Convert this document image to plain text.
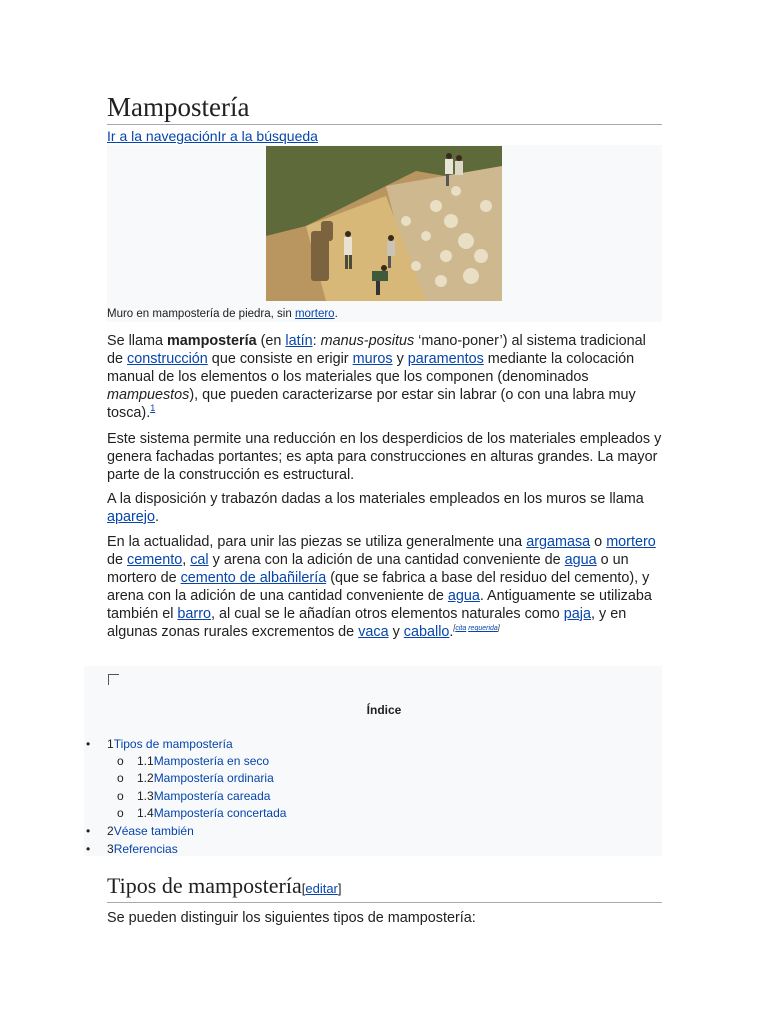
Mampostería
Ir a la navegaciónIr a la búsqueda
Muro en mampostería de piedra, sin mortero.

Se llama mampostería (en latín: manus-positus ‘mano-poner’) al sistema tradicional de construcción que consiste en erigir muros y paramentos mediante la colocación manual de los elementos o los materiales que los componen (denominados mampuestos), que pueden caracterizarse por estar sin labrar (o con una labra muy tosca).$^1$

Este sistema permite una reducción en los desperdicios de los materiales empleados y genera fachadas portantes; es apta para construcciones en alturas grandes. La mayor parte de la construcción es estructural.

A la disposición y trabazón dadas a los materiales empleados en los muros se llama aparejo.

En la actualidad, para unir las piezas se utiliza generalmente una argamasa o mortero de cemento, cal y arena con la adición de una cantidad conveniente de agua o un mortero de cemento de albañilería (que se fabrica a base del residuo del cemento), y arena con la adición de una cantidad conveniente de agua. Antiguamente se utilizaba también el barro, al cual se le añadían otros elementos naturales como paja, y en algunas zonas rurales excrementos de vaca y caballo.[cita requerida]

Índice
• 1Tipos de mampostería
o 1.1Mampostería en seco
o 1.2Mampostería ordinaria
o 1.3Mampostería careada
o 1.4Mampostería concertada
• 2Véase también
• 3Referencias
Tipos de mampostería[editar]

Se pueden distinguir los siguientes tipos de mampostería:
